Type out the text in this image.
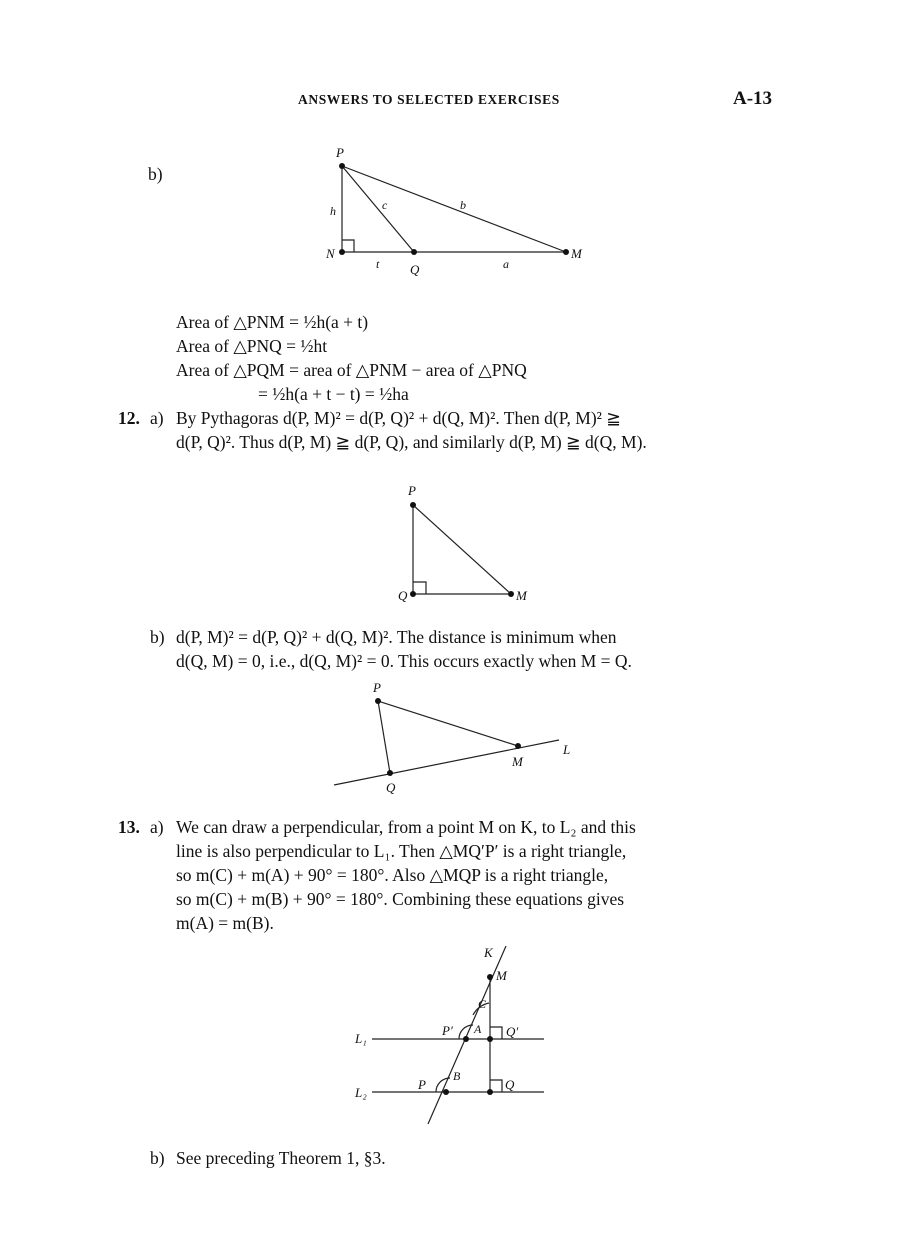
ANSWERS TO SELECTED EXERCISES	A-13
b)
P
N	M
Q
h	c	b
t	a
Area of △PNM = ½h(a + t)
Area of △PNQ = ½ht
Area of △PQM = area of △PNM − area of △PNQ
= ½h(a + t − t) = ½ha
12. a) By Pythagoras d(P, M)² = d(P, Q)² + d(Q, M)². Then d(P, M)² ≧
d(P, Q)². Thus d(P, M) ≧ d(P, Q), and similarly d(P, M) ≧ d(Q, M).
P
Q	M
b) d(P, M)² = d(P, Q)² + d(Q, M)². The distance is minimum when
d(Q, M) = 0, i.e., d(Q, M)² = 0. This occurs exactly when M = Q.
P
Q
M
L
13. a) We can draw a perpendicular, from a point M on K, to L₂ and this
line is also perpendicular to L₁. Then △MQ′P′ is a right triangle,
so m(C) + m(A) + 90° = 180°. Also △MQP is a right triangle,
so m(C) + m(B) + 90° = 180°. Combining these equations gives
m(A) = m(B).
K
M
C
A
B
P′	Q′
P	Q
L₁
L₂
b) See preceding Theorem 1, §3.
